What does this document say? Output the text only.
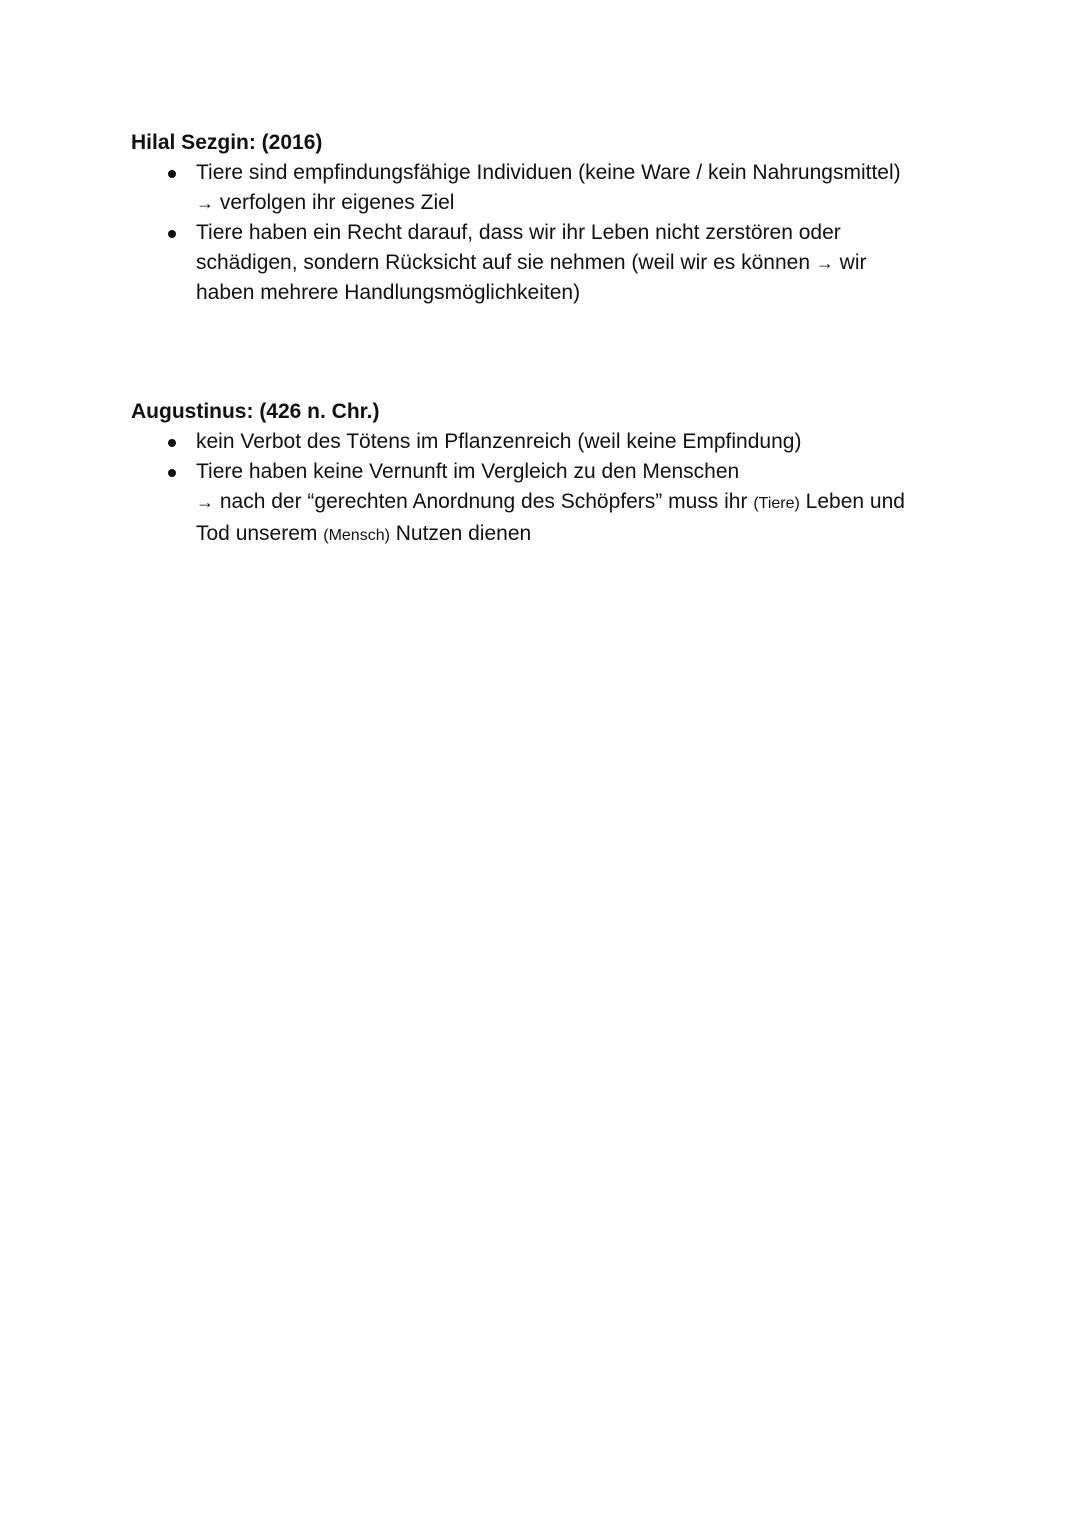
Hilal Sezgin: (2016)

Tiere sind empfindungsfähige Individuen (keine Ware / kein Nahrungsmittel)
→ verfolgen ihr eigenes Ziel
Tiere haben ein Recht darauf, dass wir ihr Leben nicht zerstören oder
schädigen, sondern Rücksicht auf sie nehmen (weil wir es können → wir
haben mehrere Handlungsmöglichkeiten)

Augustinus: (426 n. Chr.)

kein Verbot des Tötens im Pflanzenreich (weil keine Empfindung)
Tiere haben keine Vernunft im Vergleich zu den Menschen
→ nach der “gerechten Anordnung des Schöpfers” muss ihr (Tiere) Leben und
Tod unserem (Mensch) Nutzen dienen
